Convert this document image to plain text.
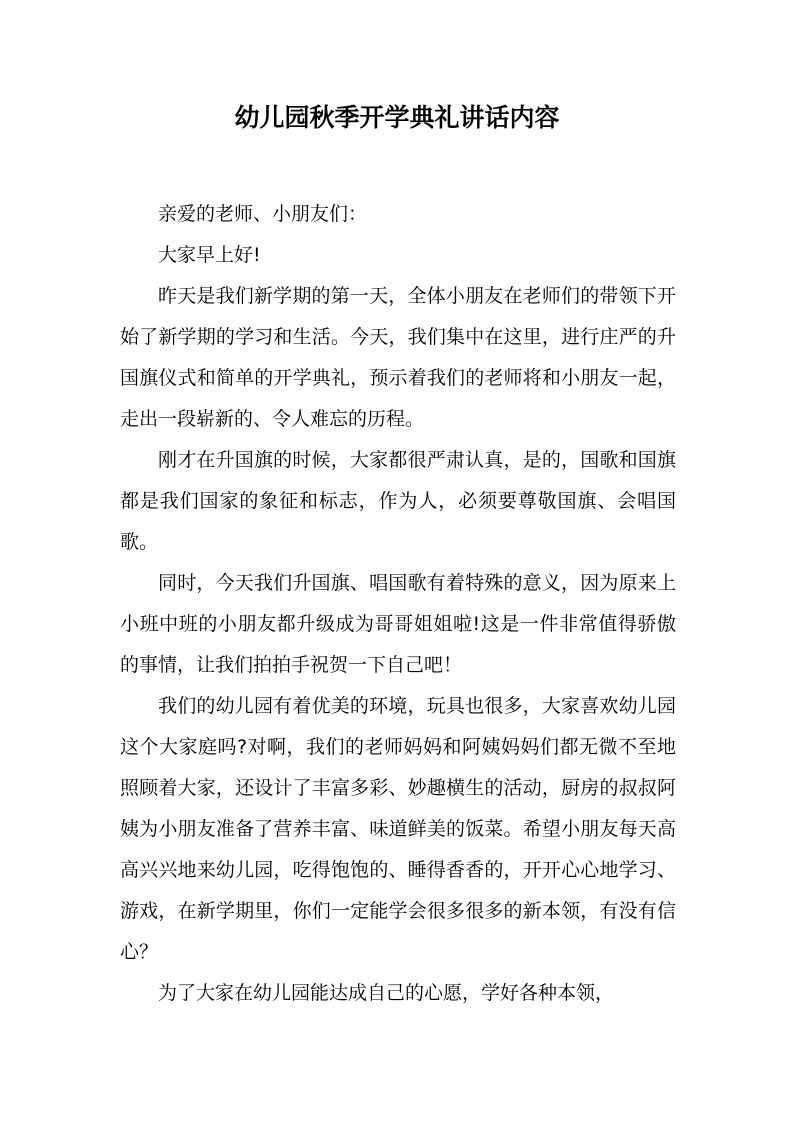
幼儿园秋季开学典礼讲话内容

亲爱的老师、小朋友们：

大家早上好!

昨天是我们新学期的第一天，全体小朋友在老师们的带领下开始了新学期的学习和生活。今天，我们集中在这里，进行庄严的升国旗仪式和简单的开学典礼，预示着我们的老师将和小朋友一起，走出一段崭新的、令人难忘的历程。

刚才在升国旗的时候，大家都很严肃认真，是的，国歌和国旗都是我们国家的象征和标志，作为人，必须要尊敬国旗、会唱国歌。

同时，今天我们升国旗、唱国歌有着特殊的意义，因为原来上小班中班的小朋友都升级成为哥哥姐姐啦!这是一件非常值得骄傲的事情，让我们拍拍手祝贺一下自己吧！

我们的幼儿园有着优美的环境，玩具也很多，大家喜欢幼儿园这个大家庭吗?对啊，我们的老师妈妈和阿姨妈妈们都无微不至地照顾着大家，还设计了丰富多彩、妙趣横生的活动，厨房的叔叔阿姨为小朋友准备了营养丰富、味道鲜美的饭菜。希望小朋友每天高高兴兴地来幼儿园，吃得饱饱的、睡得香香的，开开心心地学习、游戏，在新学期里，你们一定能学会很多很多的新本领，有没有信心？

为了大家在幼儿园能达成自己的心愿，学好各种本领，
